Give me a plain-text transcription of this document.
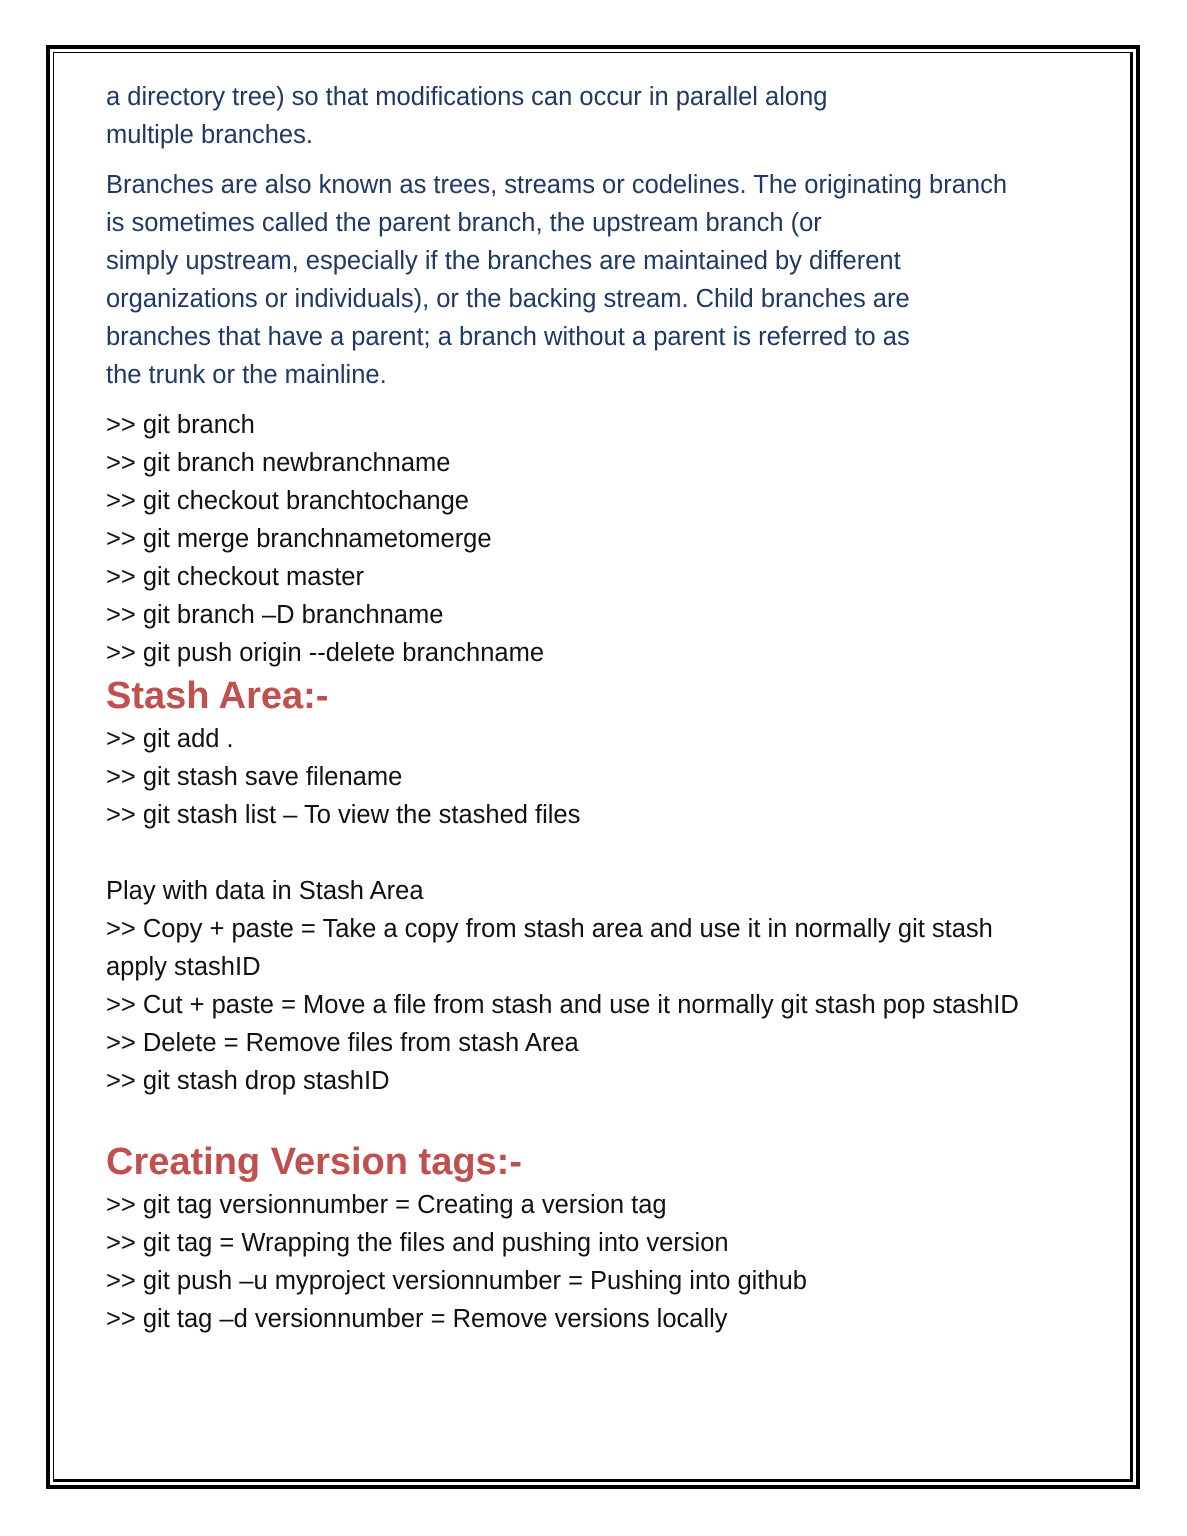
a directory tree) so that modifications can occur in parallel along
multiple branches.

Branches are also known as trees, streams or codelines. The originating branch
is sometimes called the parent branch, the upstream branch (or
simply upstream, especially if the branches are maintained by different
organizations or individuals), or the backing stream. Child branches are
branches that have a parent; a branch without a parent is referred to as
the trunk or the mainline.

>> git branch
>> git branch newbranchname
>> git checkout branchtochange
>> git merge branchnametomerge
>> git checkout master
>> git branch –D branchname
>> git push origin --delete branchname

Stash Area:-

>> git add .
>> git stash save filename
>> git stash list – To view the stashed files

Play with data in Stash Area
>> Copy + paste = Take a copy from stash area and use it in normally git stash
apply stashID
>> Cut + paste = Move a file from stash and use it normally git stash pop stashID
>> Delete = Remove files from stash Area
>> git stash drop stashID

Creating Version tags:-

>> git tag versionnumber = Creating a version tag
>> git tag = Wrapping the files and pushing into version
>> git push –u myproject versionnumber = Pushing into github
>> git tag –d versionnumber = Remove versions locally
